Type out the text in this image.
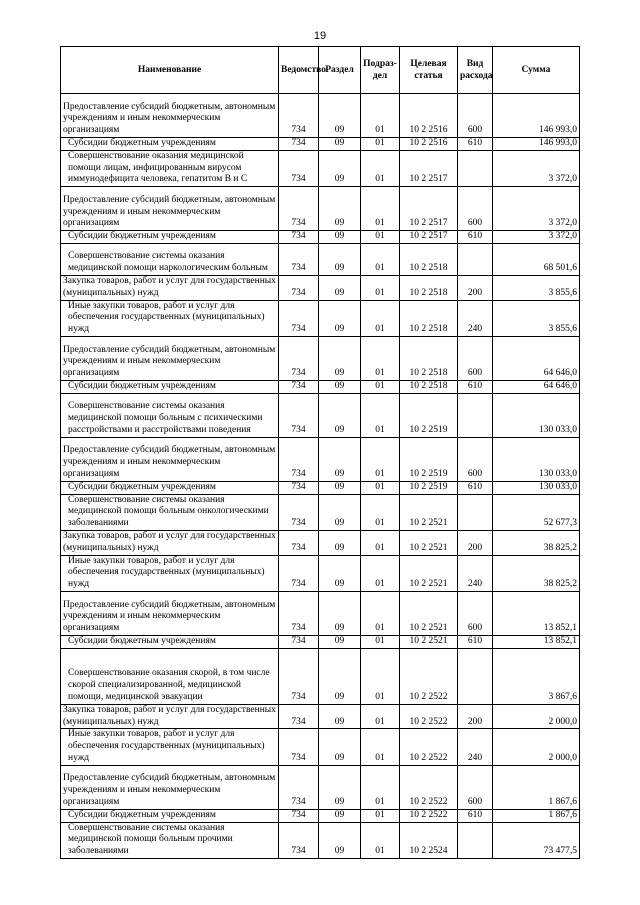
19
Наименование	Ведомство	Раздел	Подраз-дел	Целевая статья	Вид расхода	Сумма
Предоставление субсидий бюджетным, автономным учреждениям и иным некоммерческим организациям	734	09	01	10 2 2516	600	146 993,0
Субсидии бюджетным учреждениям	734	09	01	10 2 2516	610	146 993,0
Совершенствование оказания медицинской помощи лицам, инфицированным вирусом иммунодефицита человека, гепатитом В и С	734	09	01	10 2 2517		3 372,0
Предоставление субсидий бюджетным, автономным учреждениям и иным некоммерческим организациям	734	09	01	10 2 2517	600	3 372,0
Субсидии бюджетным учреждениям	734	09	01	10 2 2517	610	3 372,0
Совершенствование системы оказания медицинской помощи наркологическим больным	734	09	01	10 2 2518		68 501,6
Закупка товаров, работ и услуг для государственных (муниципальных) нужд	734	09	01	10 2 2518	200	3 855,6
Иные закупки товаров, работ и услуг для обеспечения государственных (муниципальных) нужд	734	09	01	10 2 2518	240	3 855,6
Предоставление субсидий бюджетным, автономным учреждениям и иным некоммерческим организациям	734	09	01	10 2 2518	600	64 646,0
Субсидии бюджетным учреждениям	734	09	01	10 2 2518	610	64 646,0
Совершенствование системы оказания медицинской помощи больным с психическими расстройствами и расстройствами поведения	734	09	01	10 2 2519		130 033,0
Предоставление субсидий бюджетным, автономным учреждениям и иным некоммерческим организациям	734	09	01	10 2 2519	600	130 033,0
Субсидии бюджетным учреждениям	734	09	01	10 2 2519	610	130 033,0
Совершенствование системы оказания медицинской помощи больным онкологическими заболеваниями	734	09	01	10 2 2521		52 677,3
Закупка товаров, работ и услуг для государственных (муниципальных) нужд	734	09	01	10 2 2521	200	38 825,2
Иные закупки товаров, работ и услуг для обеспечения государственных (муниципальных) нужд	734	09	01	10 2 2521	240	38 825,2
Предоставление субсидий бюджетным, автономным учреждениям и иным некоммерческим организациям	734	09	01	10 2 2521	600	13 852,1
Субсидии бюджетным учреждениям	734	09	01	10 2 2521	610	13 852,1
Совершенствование оказания скорой, в том числе скорой специализированной, медицинской помощи, медицинской эвакуации	734	09	01	10 2 2522		3 867,6
Закупка товаров, работ и услуг для государственных (муниципальных) нужд	734	09	01	10 2 2522	200	2 000,0
Иные закупки товаров, работ и услуг для обеспечения государственных (муниципальных) нужд	734	09	01	10 2 2522	240	2 000,0
Предоставление субсидий бюджетным, автономным учреждениям и иным некоммерческим организациям	734	09	01	10 2 2522	600	1 867,6
Субсидии бюджетным учреждениям	734	09	01	10 2 2522	610	1 867,6
Совершенствование системы оказания медицинской помощи больным прочими заболеваниями	734	09	01	10 2 2524		73 477,5
